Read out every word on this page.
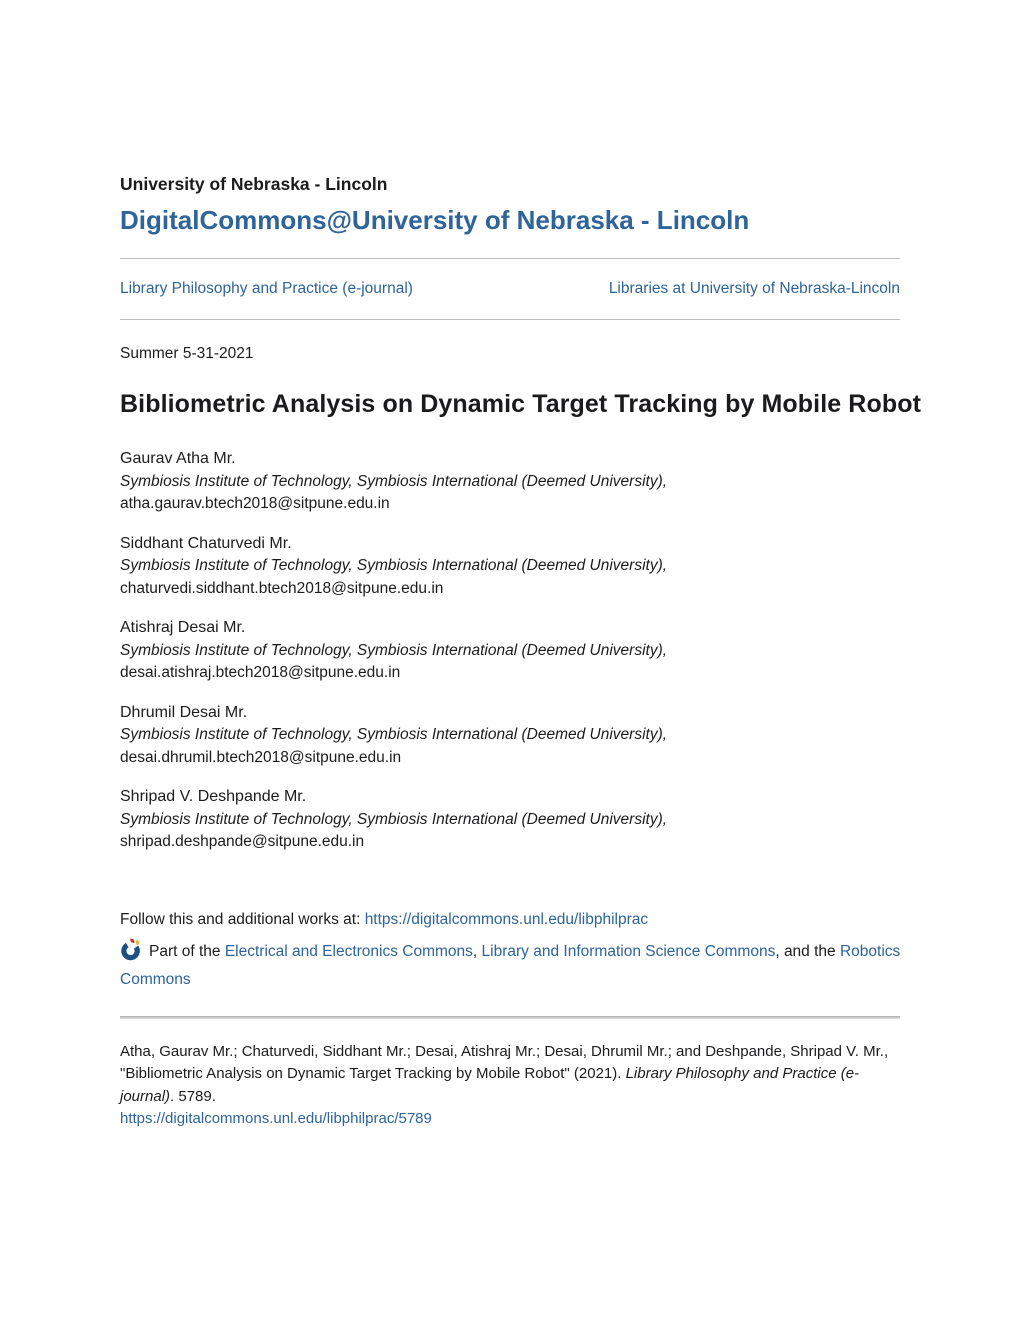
University of Nebraska - Lincoln
DigitalCommons@University of Nebraska - Lincoln
Library Philosophy and Practice (e-journal)	Libraries at University of Nebraska-Lincoln
Summer 5-31-2021
Bibliometric Analysis on Dynamic Target Tracking by Mobile Robot
Gaurav Atha Mr.
Symbiosis Institute of Technology, Symbiosis International (Deemed University),
atha.gaurav.btech2018@sitpune.edu.in
Siddhant Chaturvedi Mr.
Symbiosis Institute of Technology, Symbiosis International (Deemed University),
chaturvedi.siddhant.btech2018@sitpune.edu.in
Atishraj Desai Mr.
Symbiosis Institute of Technology, Symbiosis International (Deemed University),
desai.atishraj.btech2018@sitpune.edu.in
Dhrumil Desai Mr.
Symbiosis Institute of Technology, Symbiosis International (Deemed University),
desai.dhrumil.btech2018@sitpune.edu.in
Shripad V. Deshpande Mr.
Symbiosis Institute of Technology, Symbiosis International (Deemed University),
shripad.deshpande@sitpune.edu.in
Follow this and additional works at: https://digitalcommons.unl.edu/libphilprac
Part of the Electrical and Electronics Commons, Library and Information Science Commons, and the Robotics Commons
Atha, Gaurav Mr.; Chaturvedi, Siddhant Mr.; Desai, Atishraj Mr.; Desai, Dhrumil Mr.; and Deshpande, Shripad V. Mr., "Bibliometric Analysis on Dynamic Target Tracking by Mobile Robot" (2021). Library Philosophy and Practice (e-journal). 5789.
https://digitalcommons.unl.edu/libphilprac/5789
